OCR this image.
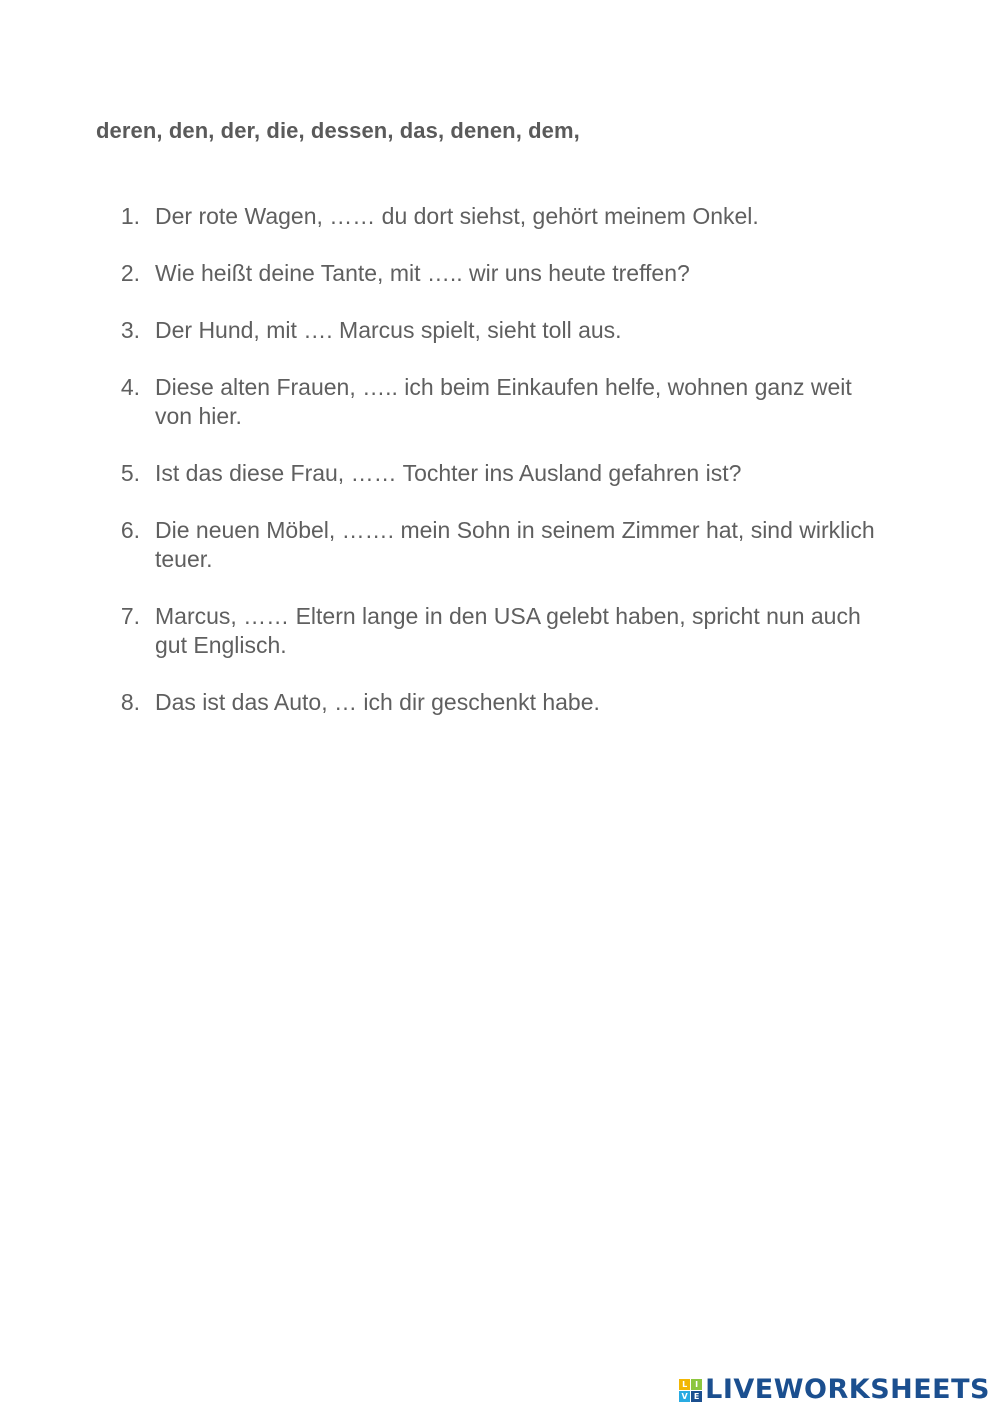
deren, den, der, die, dessen, das, denen, dem,
1. Der rote Wagen, …… du dort siehst, gehört meinem Onkel.
2. Wie heißt deine Tante, mit ….. wir uns heute treffen?
3. Der Hund, mit …. Marcus spielt, sieht toll aus.
4. Diese alten Frauen, ….. ich beim Einkaufen helfe, wohnen ganz weit von hier.
5. Ist das diese Frau, …… Tochter ins Ausland gefahren ist?
6. Die neuen Möbel, ……. mein Sohn in seinem Zimmer hat, sind wirklich teuer.
7. Marcus, …… Eltern lange in den USA gelebt haben, spricht nun auch gut Englisch.
8. Das ist das Auto, … ich dir geschenkt habe.
L I
V E LIVEWORKSHEETS
